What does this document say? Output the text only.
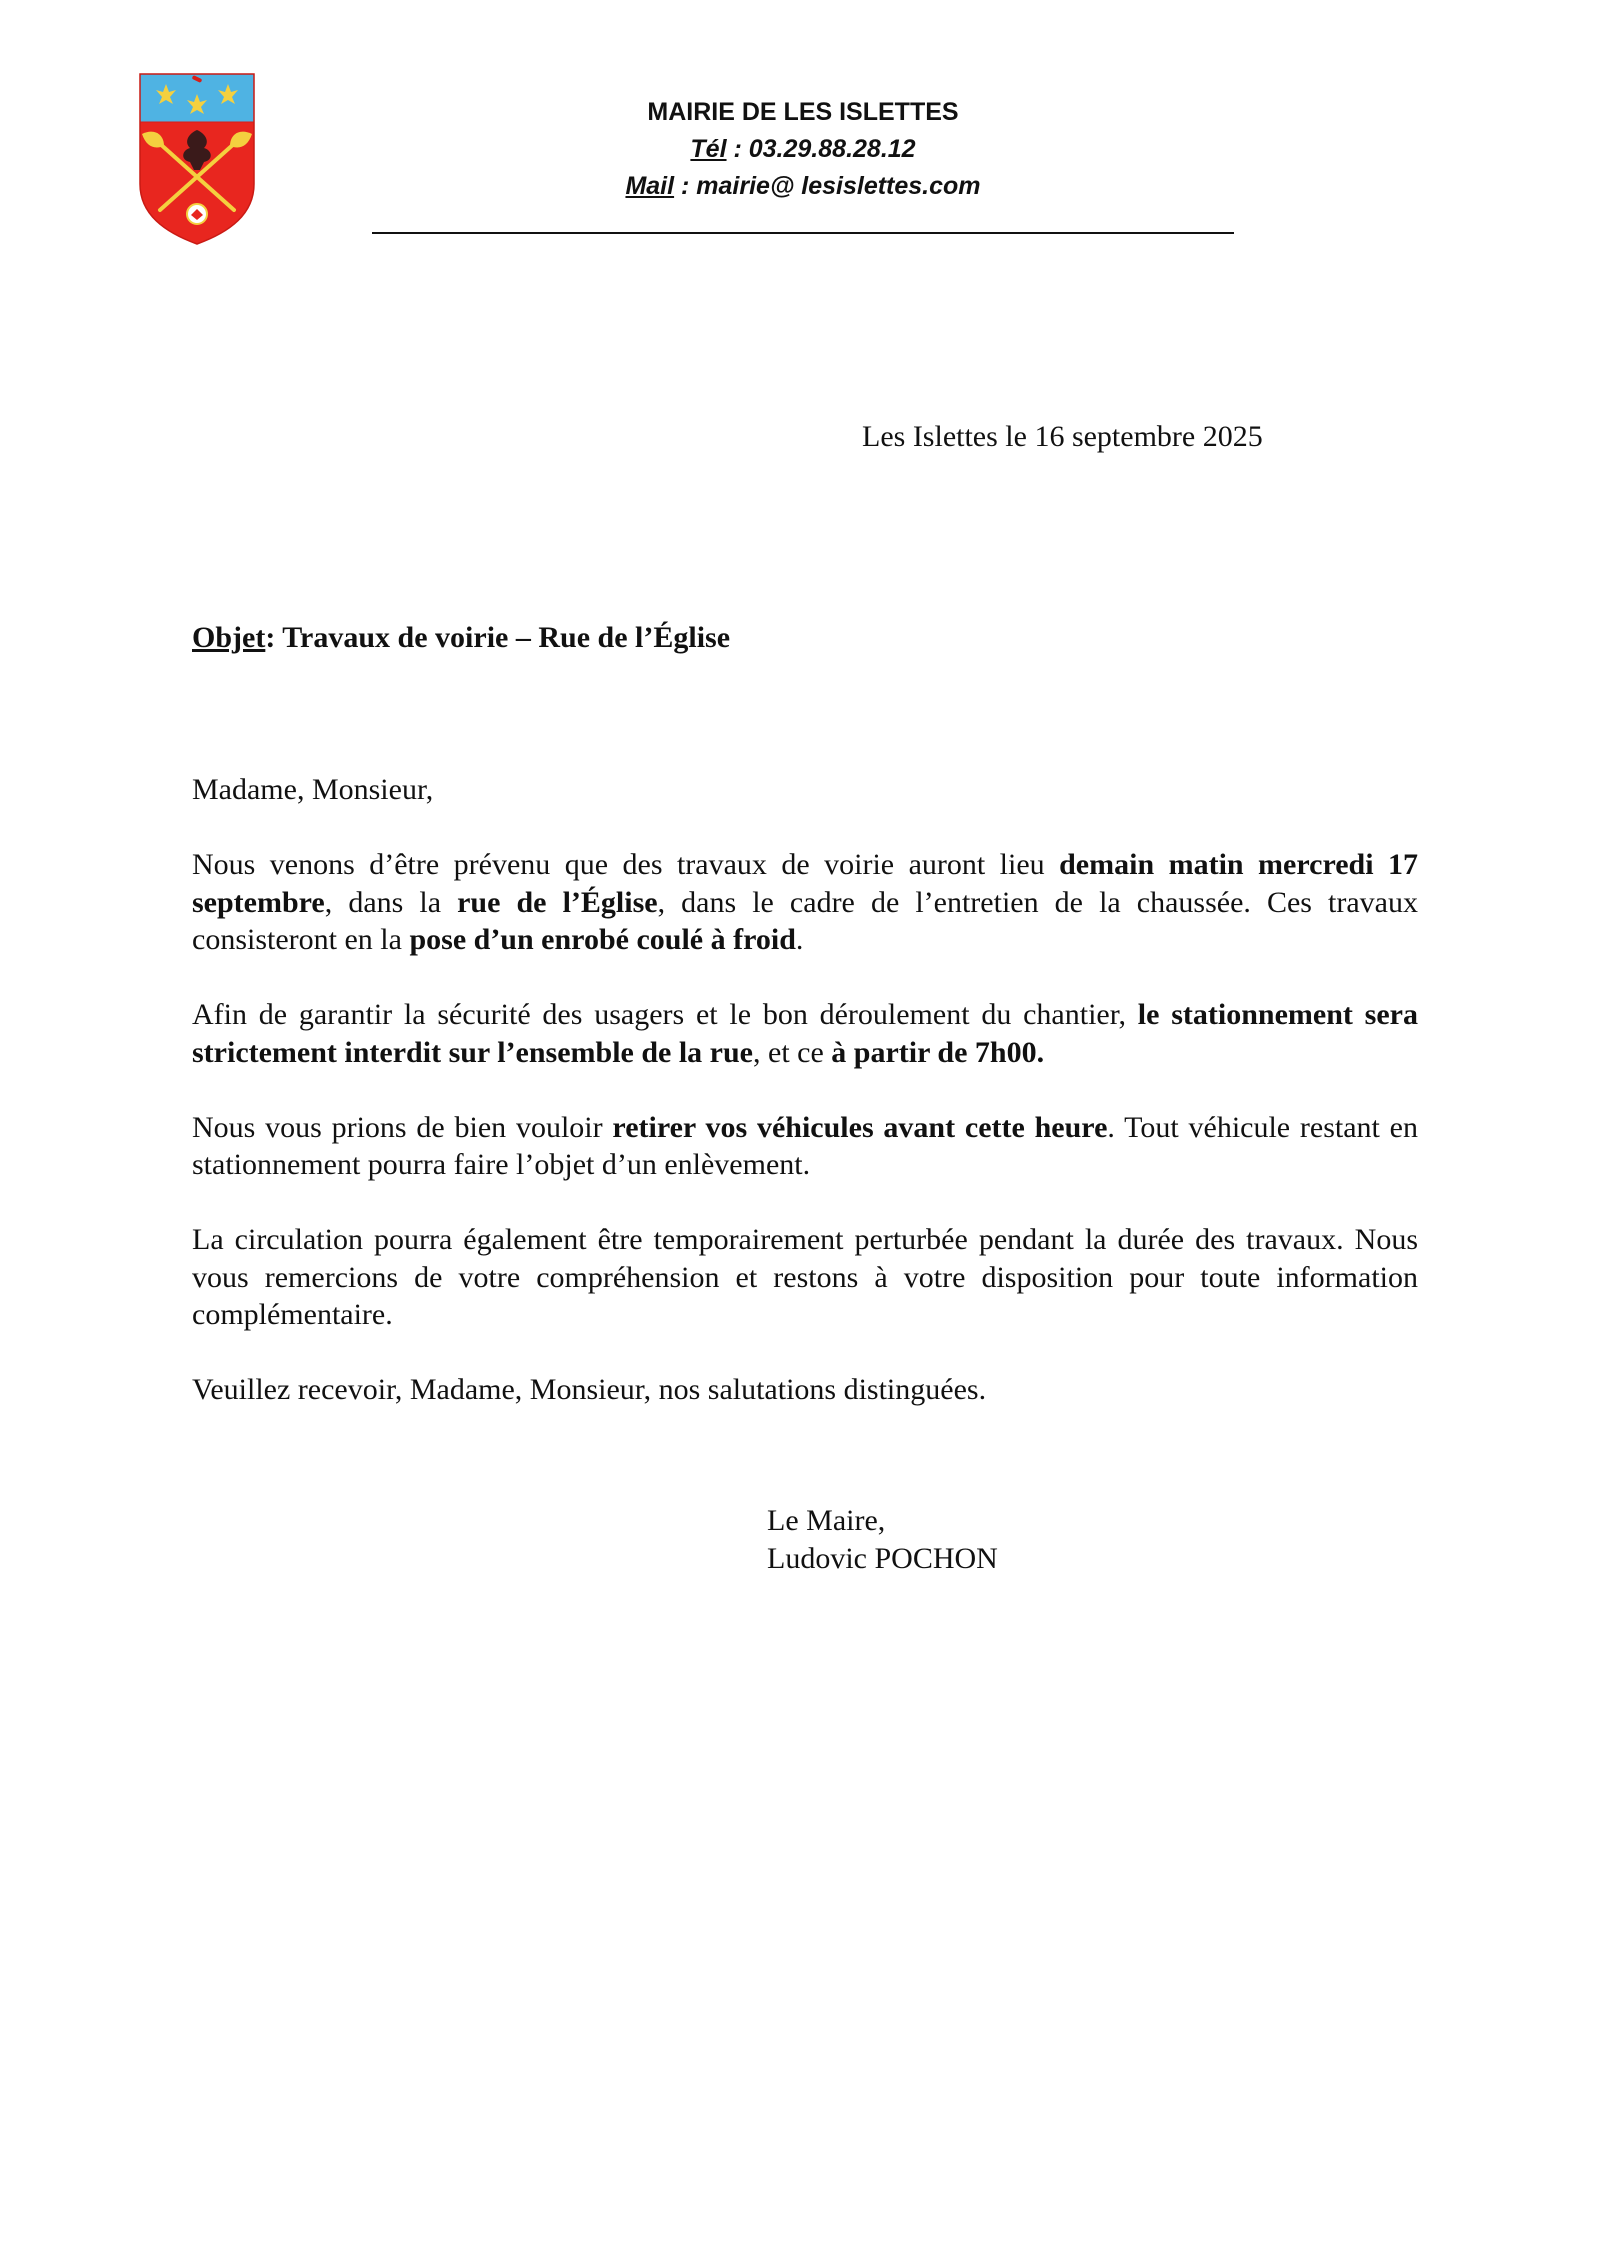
MAIRIE DE LES ISLETTES
Tél : 03.29.88.28.12
Mail : mairie@ lesislettes.com
Les Islettes le 16 septembre 2025
Objet: Travaux de voirie – Rue de l’Église

Madame, Monsieur,

Nous venons d’être prévenu que des travaux de voirie auront lieu demain matin mercredi 17 septembre, dans la rue de l’Église, dans le cadre de l’entretien de la chaussée. Ces travaux consisteront en la pose d’un enrobé coulé à froid.

Afin de garantir la sécurité des usagers et le bon déroulement du chantier, le stationnement sera strictement interdit sur l’ensemble de la rue, et ce à partir de 7h00.

Nous vous prions de bien vouloir retirer vos véhicules avant cette heure. Tout véhicule restant en stationnement pourra faire l’objet d’un enlèvement.

La circulation pourra également être temporairement perturbée pendant la durée des travaux. Nous vous remercions de votre compréhension et restons à votre disposition pour toute information complémentaire.

Veuillez recevoir, Madame, Monsieur, nos salutations distinguées.

Le Maire,
Ludovic POCHON
